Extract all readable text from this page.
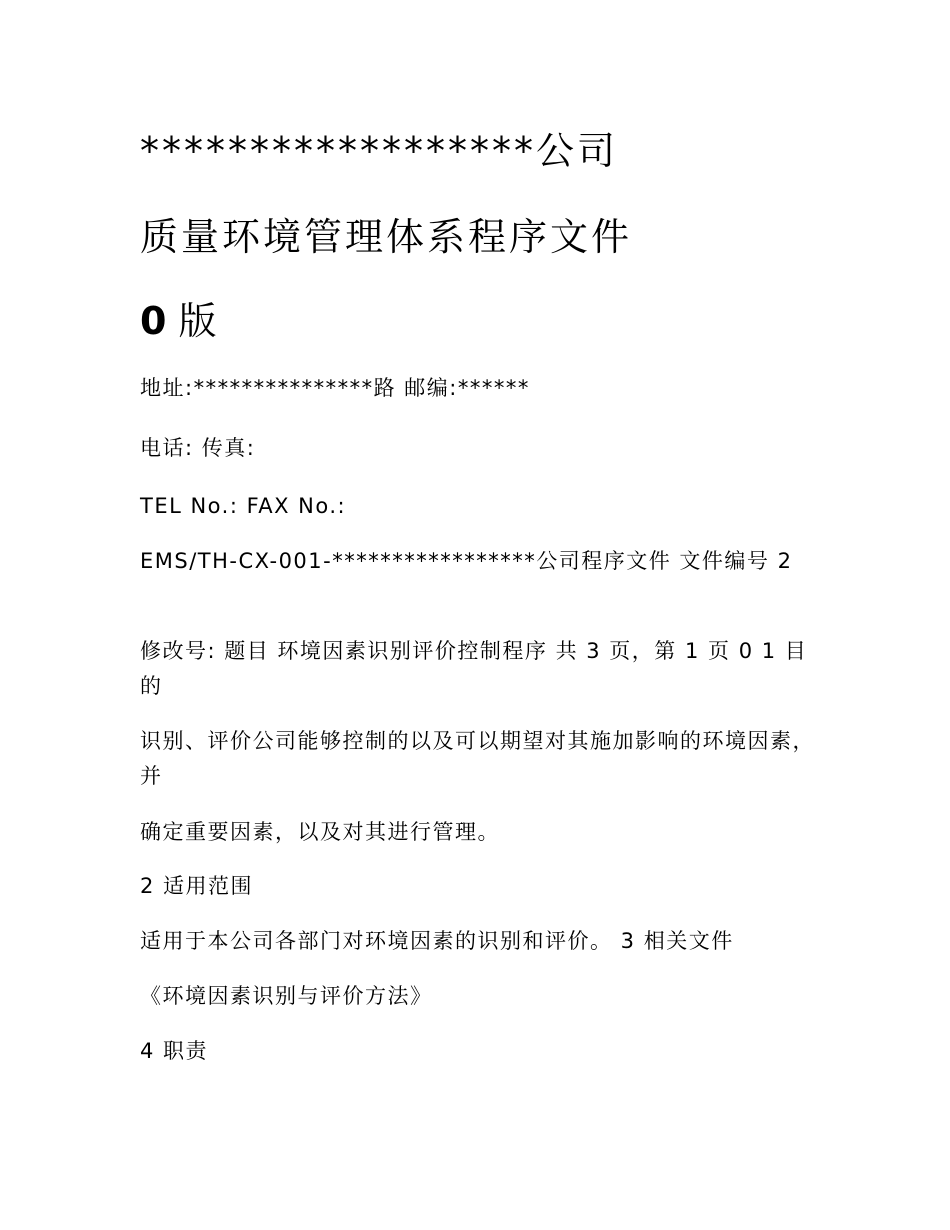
******************公司

质量环境管理体系程序文件

0 版

地址:***************路 邮编:******

电话: 传真:

TEL No.: FAX No.:

EMS/TH-CX-001-*****************公司程序文件 文件编号 2

修改号: 题目 环境因素识别评价控制程序 共 3 页，第 1 页 0 1 目的

识别、评价公司能够控制的以及可以期望对其施加影响的环境因素，并

确定重要因素，以及对其进行管理。

2 适用范围

适用于本公司各部门对环境因素的识别和评价。 3 相关文件

《环境因素识别与评价方法》

4 职责
